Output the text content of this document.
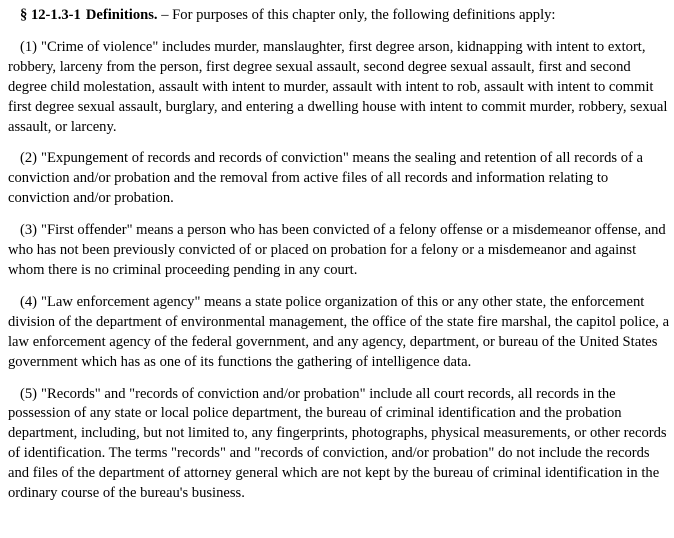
§ 12-1.3-1 Definitions. – For purposes of this chapter only, the following definitions apply:

(1) "Crime of violence" includes murder, manslaughter, first degree arson, kidnapping with intent to extort, robbery, larceny from the person, first degree sexual assault, second degree sexual assault, first and second degree child molestation, assault with intent to murder, assault with intent to rob, assault with intent to commit first degree sexual assault, burglary, and entering a dwelling house with intent to commit murder, robbery, sexual assault, or larceny.

(2) "Expungement of records and records of conviction" means the sealing and retention of all records of a conviction and/or probation and the removal from active files of all records and information relating to conviction and/or probation.

(3) "First offender" means a person who has been convicted of a felony offense or a misdemeanor offense, and who has not been previously convicted of or placed on probation for a felony or a misdemeanor and against whom there is no criminal proceeding pending in any court.

(4) "Law enforcement agency" means a state police organization of this or any other state, the enforcement division of the department of environmental management, the office of the state fire marshal, the capitol police, a law enforcement agency of the federal government, and any agency, department, or bureau of the United States government which has as one of its functions the gathering of intelligence data.

(5) "Records" and "records of conviction and/or probation" include all court records, all records in the possession of any state or local police department, the bureau of criminal identification and the probation department, including, but not limited to, any fingerprints, photographs, physical measurements, or other records of identification. The terms "records" and "records of conviction, and/or probation" do not include the records and files of the department of attorney general which are not kept by the bureau of criminal identification in the ordinary course of the bureau's business.
